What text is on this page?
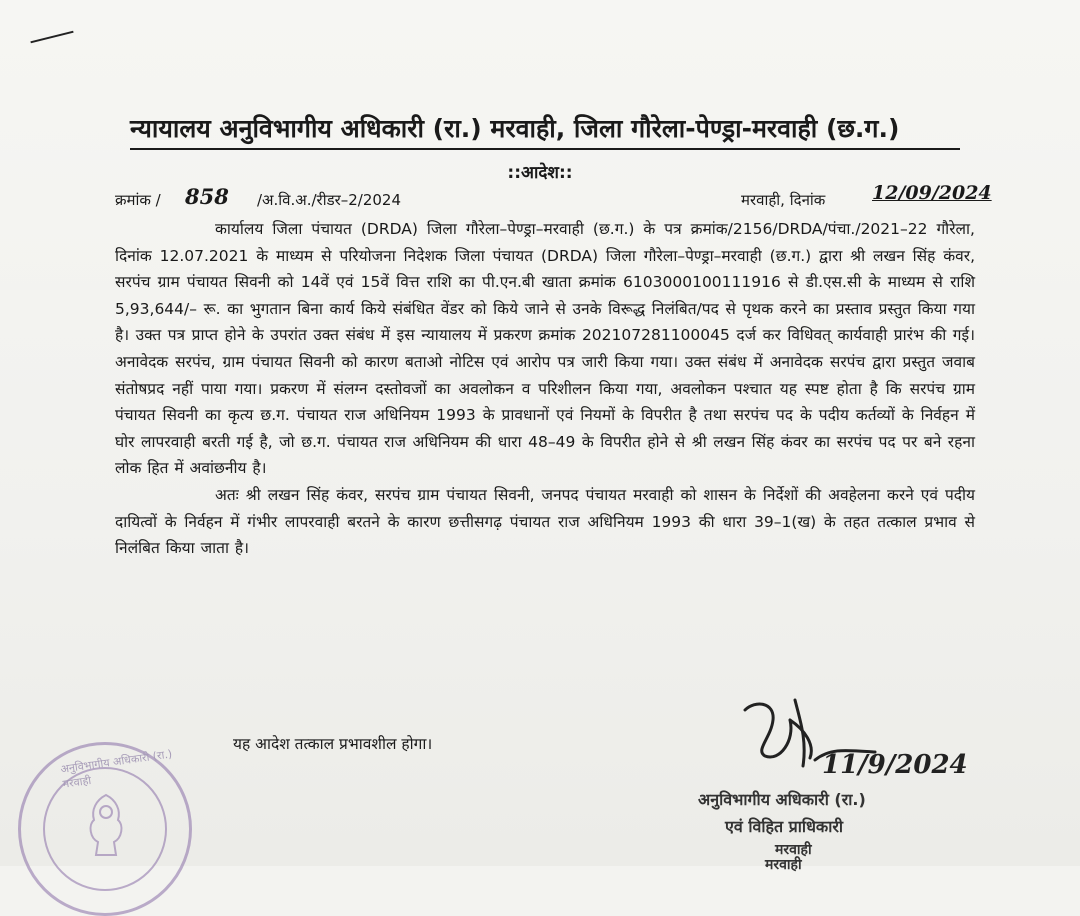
न्यायालय अनुविभागीय अधिकारी (रा.) मरवाही, जिला गौरेला-पेण्ड्रा-मरवाही (छ.ग.)
::आदेश::
क्रमांक / 858 /अ.वि.अ./रीडर–2/2024	मरवाही, दिनांक 12/09/2024

कार्यालय जिला पंचायत (DRDA) जिला गौरेला–पेण्ड्रा–मरवाही (छ.ग.) के पत्र क्रमांक/2156/DRDA/पंचा./2021–22 गौरेला, दिनांक 12.07.2021 के माध्यम से परियोजना निदेशक जिला पंचायत (DRDA) जिला गौरेला–पेण्ड्रा–मरवाही (छ.ग.) द्वारा श्री लखन सिंह कंवर, सरपंच ग्राम पंचायत सिवनी को 14वें एवं 15वें वित्त राशि का पी.एन.बी खाता क्रमांक 6103000100111916 से डी.एस.सी के माध्यम से राशि 5,93,644/– रू. का भुगतान बिना कार्य किये संबंधित वेंडर को किये जाने से उनके विरूद्ध निलंबित/पद से पृथक करने का प्रस्ताव प्रस्तुत किया गया है। उक्त पत्र प्राप्त होने के उपरांत उक्त संबंध में इस न्यायालय में प्रकरण क्रमांक 202107281100045 दर्ज कर विधिवत् कार्यवाही प्रारंभ की गई। अनावेदक सरपंच, ग्राम पंचायत सिवनी को कारण बताओ नोटिस एवं आरोप पत्र जारी किया गया। उक्त संबंध में अनावेदक सरपंच द्वारा प्रस्तुत जवाब संतोषप्रद नहीं पाया गया। प्रकरण में संलग्न दस्तोवजों का अवलोकन व परिशीलन किया गया, अवलोकन पश्चात यह स्पष्ट होता है कि सरपंच ग्राम पंचायत सिवनी का कृत्य छ.ग. पंचायत राज अधिनियम 1993 के प्रावधानों एवं नियमों के विपरीत है तथा सरपंच पद के पदीय कर्तव्यों के निर्वहन में घोर लापरवाही बरती गई है, जो छ.ग. पंचायत राज अधिनियम की धारा 48–49 के विपरीत होने से श्री लखन सिंह कंवर का सरपंच पद पर बने रहना लोक हित में अवांछनीय है।

अतः श्री लखन सिंह कंवर, सरपंच ग्राम पंचायत सिवनी, जनपद पंचायत मरवाही को शासन के निर्देशों की अवहेलना करने एवं पदीय दायित्वों के निर्वहन में गंभीर लापरवाही बरतने के कारण छत्तीसगढ़ पंचायत राज अधिनियम 1993 की धारा 39–1(ख) के तहत तत्काल प्रभाव से निलंबित किया जाता है।

यह आदेश तत्काल प्रभावशील होगा।
अनुविभागीय अधिकारी (रा.) मरवाही
11/9/2024
अनुविभागीय अधिकारी (रा.)
एवं विहित प्राधिकारी
मरवाही
मरवाही
